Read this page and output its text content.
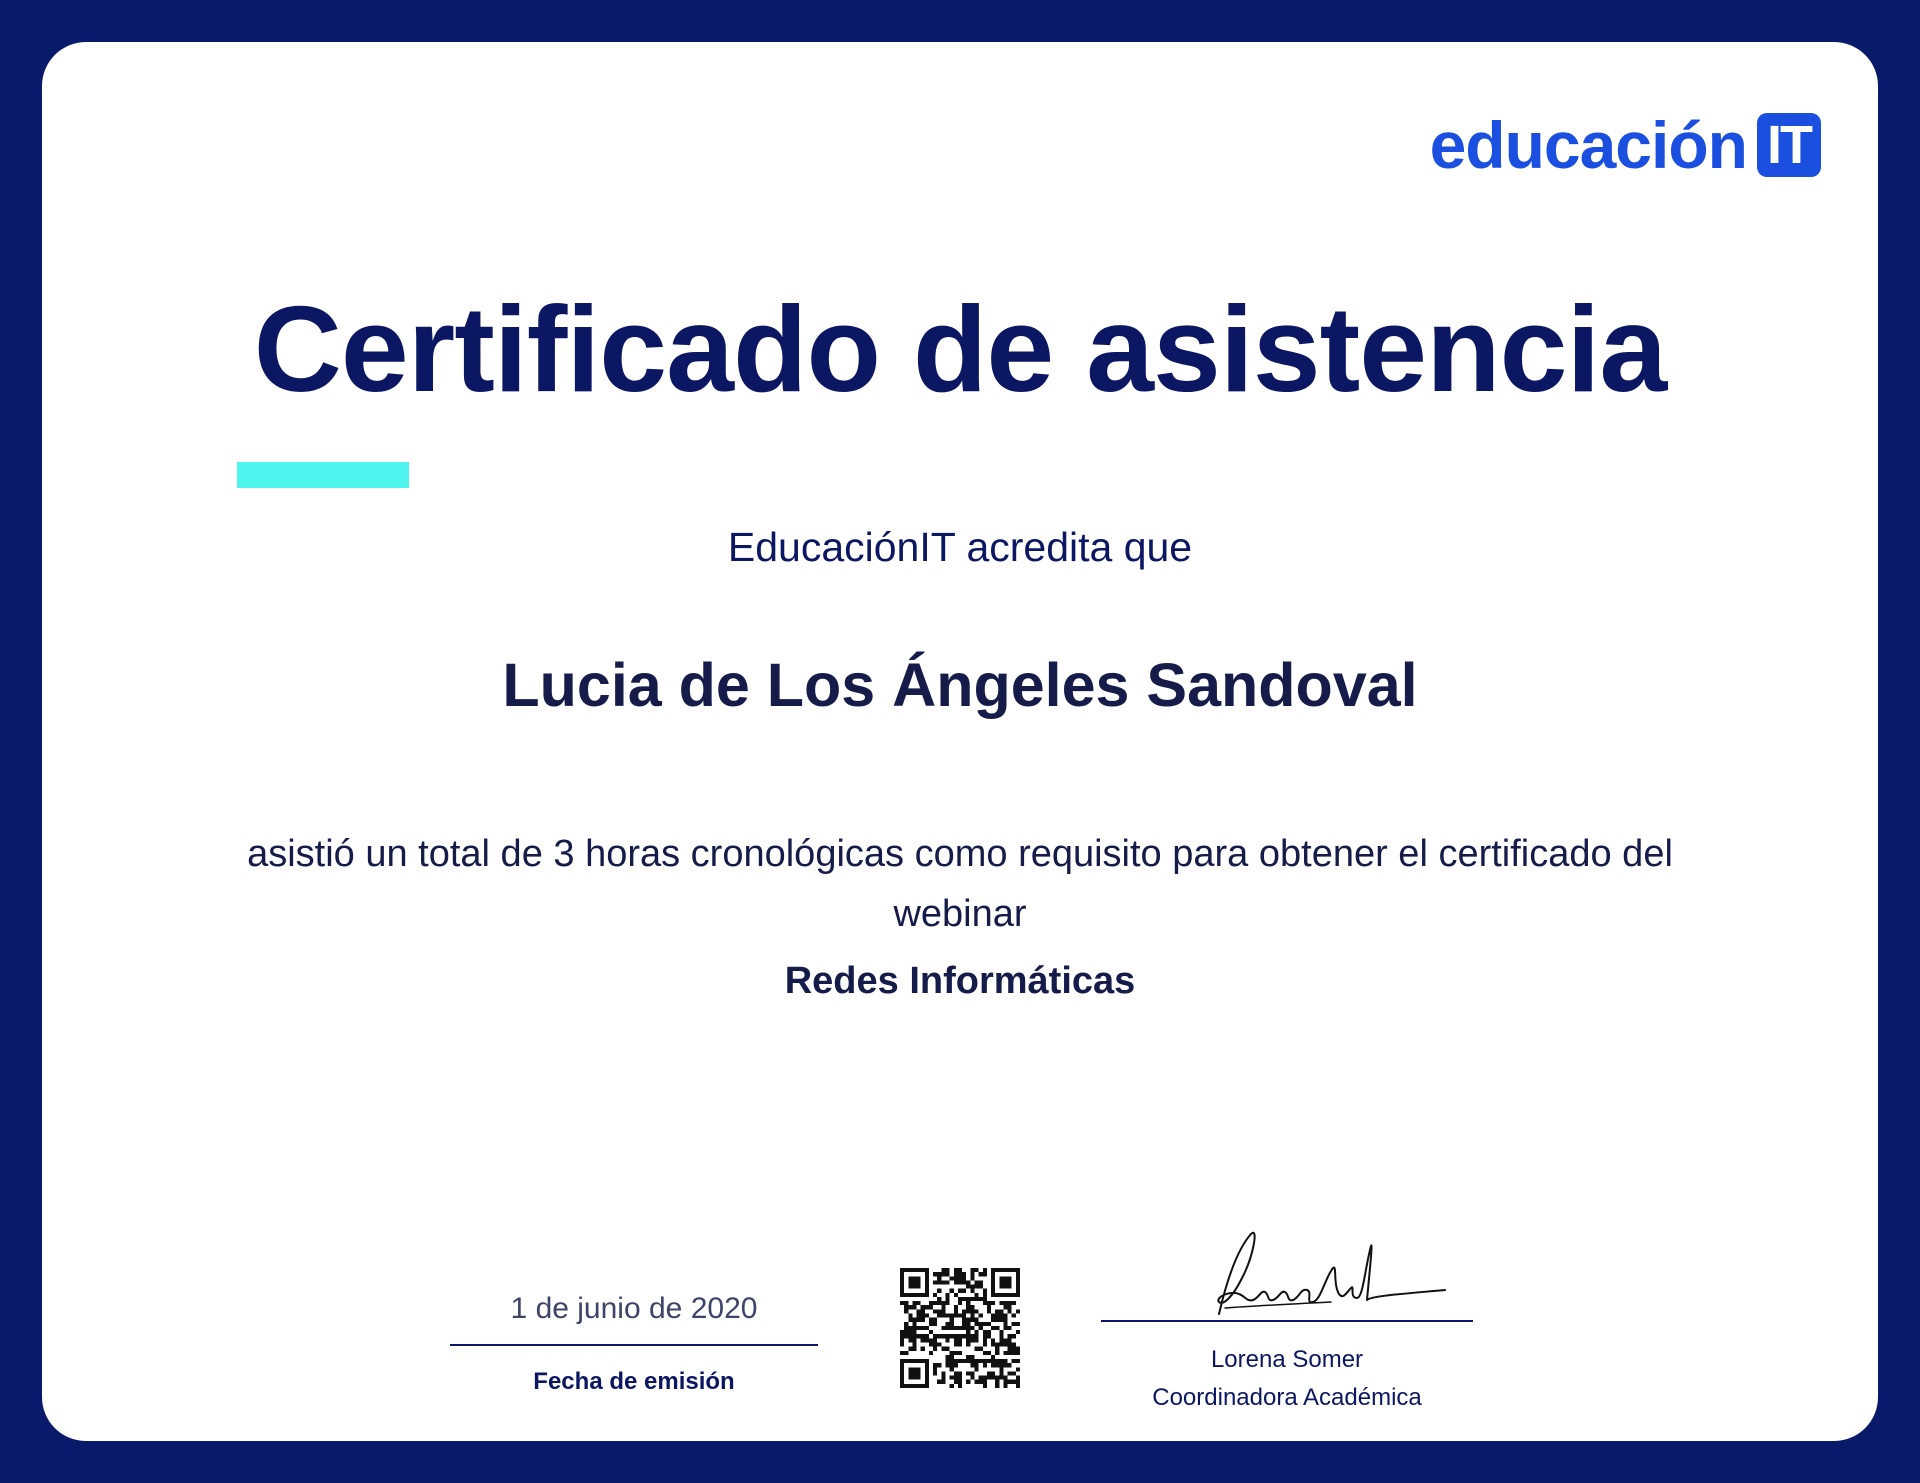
educación IT
Certificado de asistencia
EducaciónIT acredita que
Lucia de Los Ángeles Sandoval
asistió un total de 3 horas cronológicas como requisito para obtener el certificado del webinar
Redes Informáticas
1 de junio de 2020
Fecha de emisión
Lorena Somer
Coordinadora Académica
